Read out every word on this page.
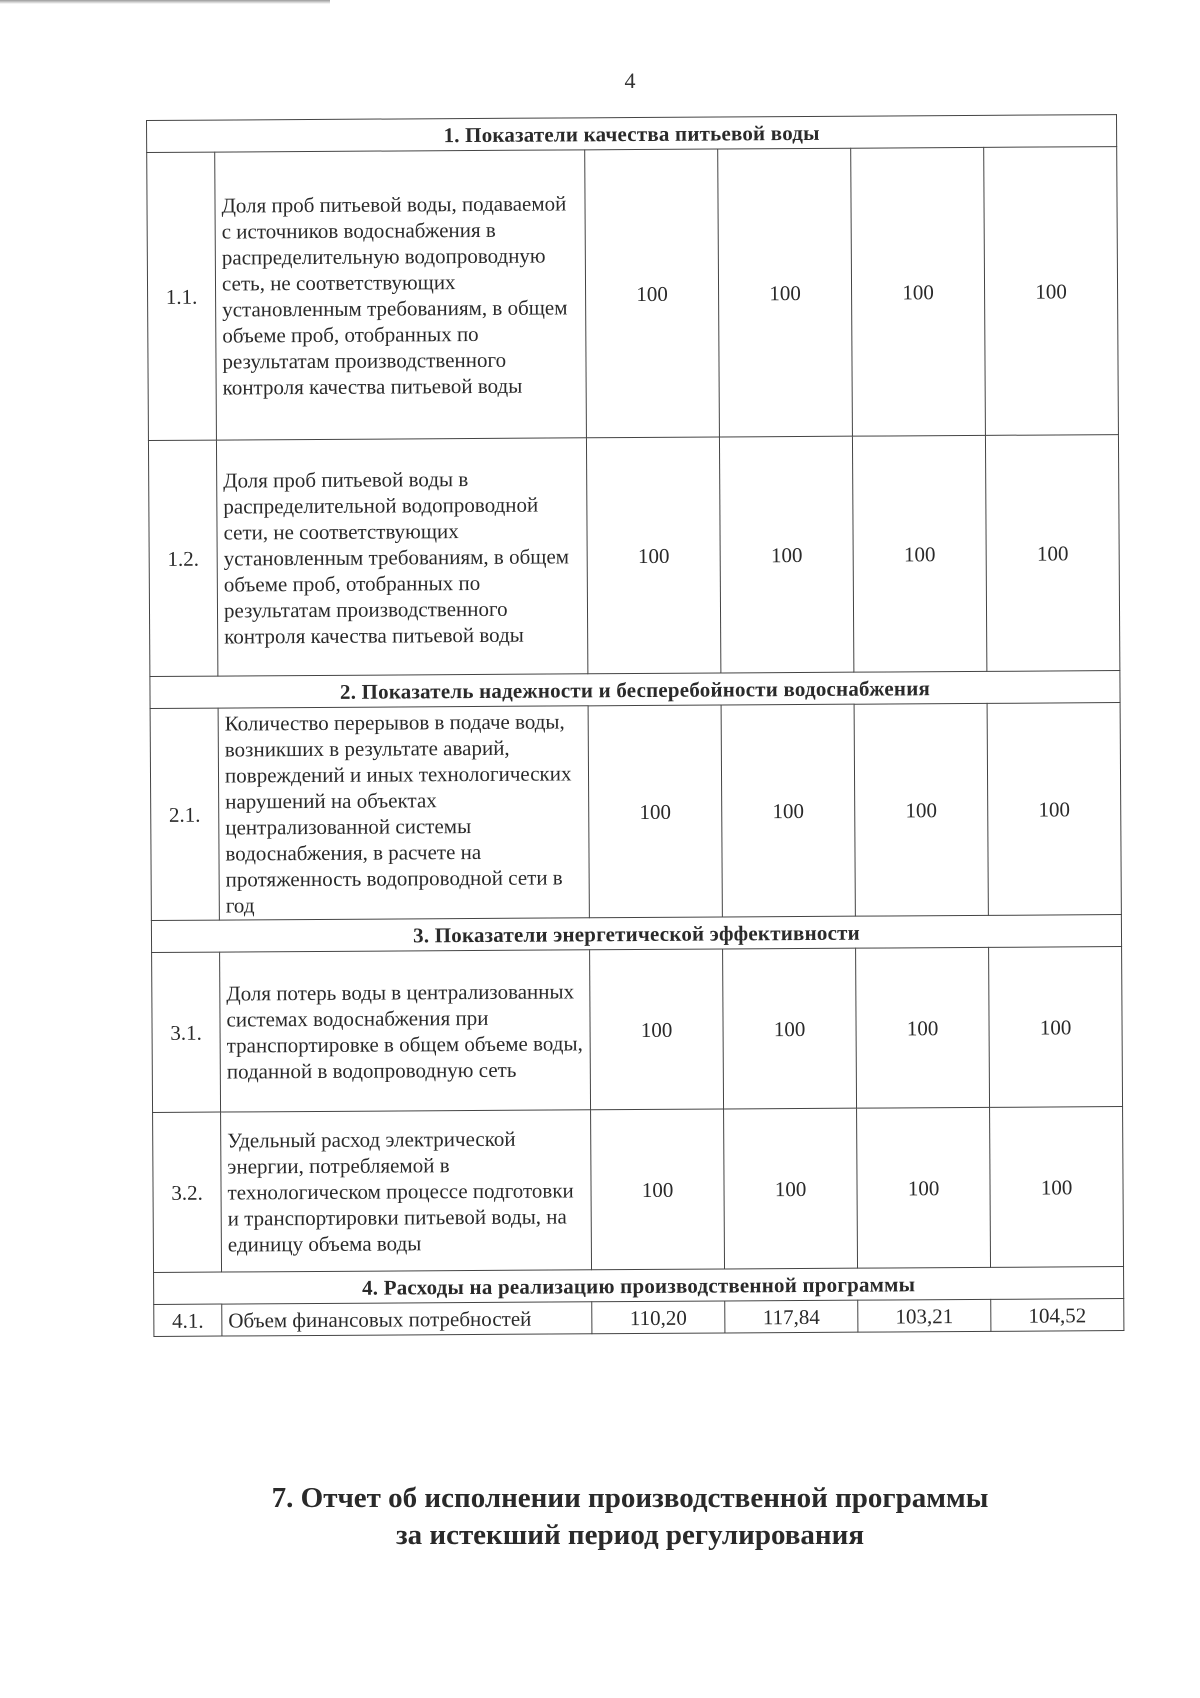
4
1. Показатели качества питьевой воды					
1.1.	Доля проб питьевой воды, подаваемой с источников водоснабжения в распределительную водопроводную сеть, не соответствующих установленным требованиям, в общем объеме проб, отобранных по результатам производственного контроля качества питьевой воды	100	100	100	100
1.2.	Доля проб питьевой воды в распределительной водопроводной сети, не соответствующих установленным требованиям, в общем объеме проб, отобранных по результатам производственного контроля качества питьевой воды	100	100	100	100
2. Показатель надежности и бесперебойности водоснабжения					
2.1.	Количество перерывов в подаче воды, возникших в результате аварий, повреждений и иных технологических нарушений на объектах централизованной системы водоснабжения, в расчете на протяженность водопроводной сети в год	100	100	100	100
3. Показатели энергетической эффективности					
3.1.	Доля потерь воды в централизованных системах водоснабжения при транспортировке в общем объеме воды, поданной в водопроводную сеть	100	100	100	100
3.2.	Удельный расход электрической энергии, потребляемой в технологическом процессе подготовки и транспортировки питьевой воды, на единицу объема воды	100	100	100	100
4. Расходы на реализацию производственной программы					
4.1.	Объем финансовых потребностей	110,20	117,84	103,21	104,52
7. Отчет об исполнении производственной программы
за истекший период регулирования
